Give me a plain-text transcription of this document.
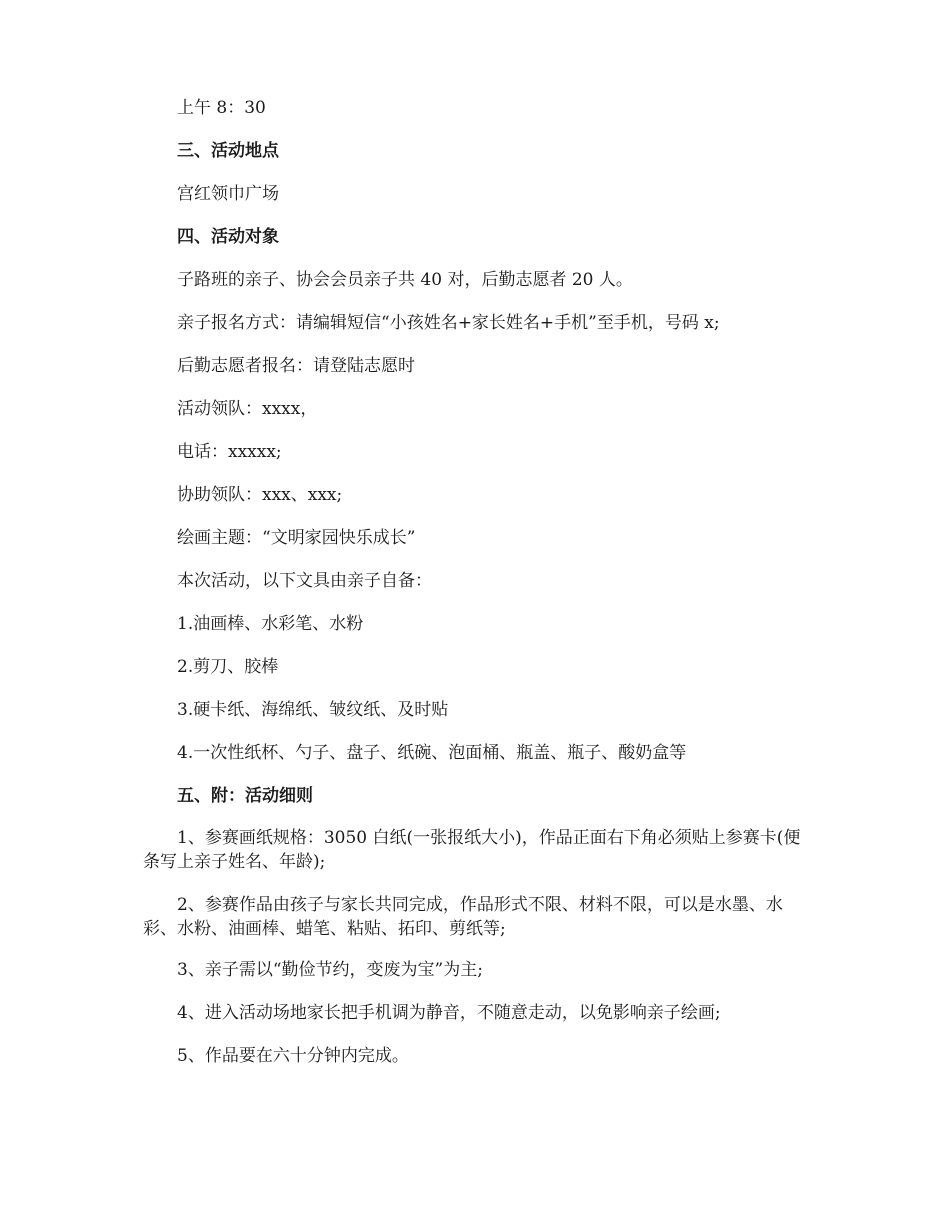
上午 8：30
三、活动地点
宫红领巾广场
四、活动对象
子路班的亲子、协会会员亲子共 40 对，后勤志愿者 20 人。
亲子报名方式：请编辑短信“小孩姓名+家长姓名+手机”至手机，号码 x;
后勤志愿者报名：请登陆志愿时
活动领队：xxxx，
电话：xxxxx;
协助领队：xxx、xxx;
绘画主题：“文明家园快乐成长”
本次活动，以下文具由亲子自备：
1.油画棒、水彩笔、水粉
2.剪刀、胶棒
3.硬卡纸、海绵纸、皱纹纸、及时贴
4.一次性纸杯、勺子、盘子、纸碗、泡面桶、瓶盖、瓶子、酸奶盒等
五、附：活动细则
1、参赛画纸规格：3050 白纸(一张报纸大小)，作品正面右下角必须贴上参赛卡(便条写上亲子姓名、年龄);
2、参赛作品由孩子与家长共同完成，作品形式不限、材料不限，可以是水墨、水彩、水粉、油画棒、蜡笔、粘贴、拓印、剪纸等;
3、亲子需以“勤俭节约，变废为宝”为主;
4、进入活动场地家长把手机调为静音，不随意走动，以免影响亲子绘画;
5、作品要在六十分钟内完成。
